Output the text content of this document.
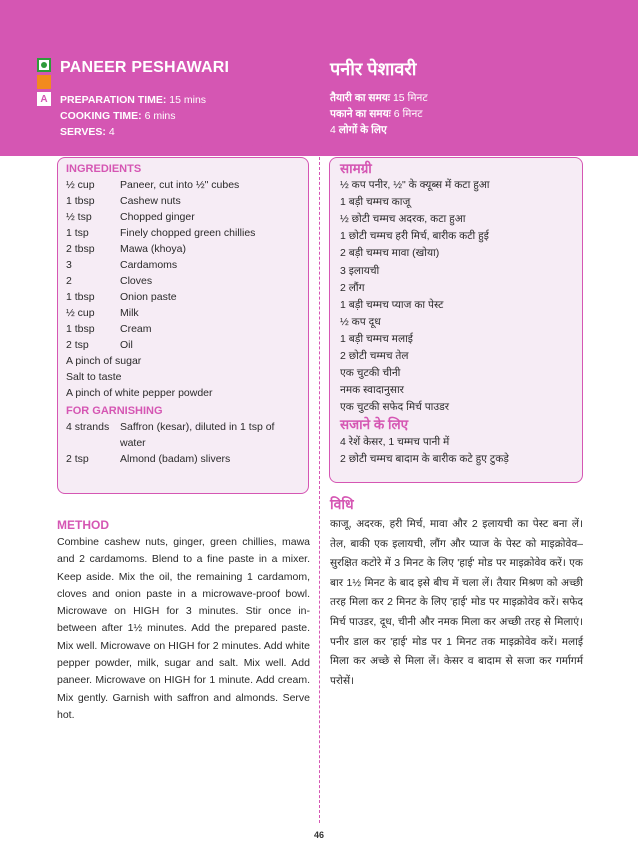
A
PANEER PESHAWARI	पनीर पेशावरी
PREPARATION TIME: 15 mins
COOKING TIME: 6 mins
SERVES: 4
तैयारी का समयः 15 मिनट
पकाने का समयः 6 मिनट
4 लोगों के लिए
INGREDIENTS
½ cup	Paneer, cut into ½" cubes
1 tbsp	Cashew nuts
½ tsp	Chopped ginger
1 tsp	Finely chopped green chillies
2 tbsp	Mawa (khoya)
3	Cardamoms
2	Cloves
1 tbsp	Onion paste
½ cup	Milk
1 tbsp	Cream
2 tsp	Oil
A pinch of sugar
Salt to taste
A pinch of white pepper powder
FOR GARNISHING
4 strands	Saffron (kesar), diluted in 1 tsp of water
2 tsp	Almond (badam) slivers
सामग्री
½ कप पनीर, ½" के क्यूब्स में कटा हुआ
1 बड़ी चम्मच काजू
½ छोटी चम्मच अदरक, कटा हुआ
1 छोटी चम्मच हरी मिर्च, बारीक कटी हुई
2 बड़ी चम्मच मावा (खोया)
3 इलायची
2 लौंग
1 बड़ी चम्मच प्याज का पेस्ट
½ कप दूध
1 बड़ी चम्मच मलाई
2 छोटी चम्मच तेल
एक चुटकी चीनी
नमक स्वादानुसार
एक चुटकी सफेद मिर्च पाउडर
सजाने के लिए
4 रेशें केसर, 1 चम्मच पानी में
2 छोटी चम्मच बादाम के बारीक कटे हुए टुकड़े
METHOD

Combine cashew nuts, ginger, green chillies, mawa and 2 cardamoms. Blend to a fine paste in a mixer. Keep aside. Mix the oil, the remaining 1 cardamom, cloves and onion paste in a microwave-proof bowl. Microwave on HIGH for 3 minutes. Stir once in-between after 1½ minutes. Add the prepared paste. Mix well. Microwave on HIGH for 2 minutes. Add white pepper powder, milk, sugar and salt. Mix well. Add paneer. Microwave on HIGH for 1 minute. Add cream. Mix gently. Garnish with saffron and almonds. Serve hot.

विधि

काजू, अदरक, हरी मिर्च, मावा और 2 इलायची का पेस्ट बना लें। तेल, बाकी एक इलायची, लौंग और प्याज के पेस्ट को माइक्रोवेव–सुरक्षित कटोरे में 3 मिनट के लिए 'हाई' मोड पर माइक्रोवेव करें। एक बार 1½ मिनट के बाद इसे बीच में चला लें। तैयार मिश्रण को अच्छी तरह मिला कर 2 मिनट के लिए 'हाई' मोड पर माइक्रोवेव करें। सफेद मिर्च पाउडर, दूध, चीनी और नमक मिला कर अच्छी तरह से मिलाएं। पनीर डाल कर 'हाई' मोड पर 1 मिनट तक माइक्रोवेव करें। मलाई मिला कर अच्छे से मिला लें। केसर व बादाम से सजा कर गर्मागर्म परोसें।

46
